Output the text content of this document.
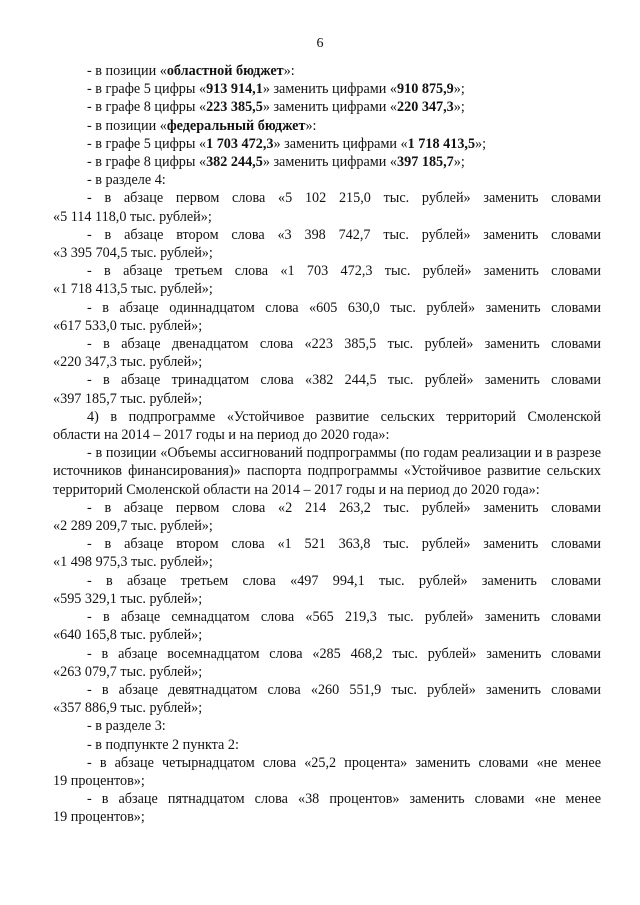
6

- в позиции «областной бюджет»:

- в графе 5 цифры «913 914,1» заменить цифрами «910 875,9»;

- в графе 8 цифры «223 385,5» заменить цифрами «220 347,3»;

- в позиции «федеральный бюджет»:

- в графе 5 цифры «1 703 472,3» заменить цифрами «1 718 413,5»;

- в графе 8 цифры «382 244,5» заменить цифрами «397 185,7»;

- в разделе 4:

- в абзаце первом слова «5 102 215,0 тыс. рублей» заменить словами
«5 114 118,0 тыс. рублей»;

- в абзаце втором слова «3 398 742,7 тыс. рублей» заменить словами
«3 395 704,5 тыс. рублей»;

- в абзаце третьем слова «1 703 472,3 тыс. рублей» заменить словами
«1 718 413,5 тыс. рублей»;

- в абзаце одиннадцатом слова «605 630,0 тыс. рублей» заменить словами
«617 533,0 тыс. рублей»;

- в абзаце двенадцатом слова «223 385,5 тыс. рублей» заменить словами
«220 347,3 тыс. рублей»;

- в абзаце тринадцатом слова «382 244,5 тыс. рублей» заменить словами
«397 185,7 тыс. рублей»;

4) в подпрограмме «Устойчивое развитие сельских территорий Смоленской
области на 2014 – 2017 годы и на период до 2020 года»:

- в позиции «Объемы ассигнований подпрограммы (по годам реализации и в разрезе источников финансирования)» паспорта подпрограммы «Устойчивое развитие сельских территорий Смоленской области на 2014 – 2017 годы и на период до 2020 года»:

- в абзаце первом слова «2 214 263,2 тыс. рублей» заменить словами
«2 289 209,7 тыс. рублей»;

- в абзаце втором слова «1 521 363,8 тыс. рублей» заменить словами
«1 498 975,3 тыс. рублей»;

- в абзаце третьем слова «497 994,1 тыс. рублей» заменить словами
«595 329,1 тыс. рублей»;

- в абзаце семнадцатом слова «565 219,3 тыс. рублей» заменить словами
«640 165,8 тыс. рублей»;

- в абзаце восемнадцатом слова «285 468,2 тыс. рублей» заменить словами
«263 079,7 тыс. рублей»;

- в абзаце девятнадцатом слова «260 551,9 тыс. рублей» заменить словами
«357 886,9 тыс. рублей»;

- в разделе 3:

- в подпункте 2 пункта 2:

- в абзаце четырнадцатом слова «25,2 процента» заменить словами «не менее
19 процентов»;

- в абзаце пятнадцатом слова «38 процентов» заменить словами «не менее
19 процентов»;
